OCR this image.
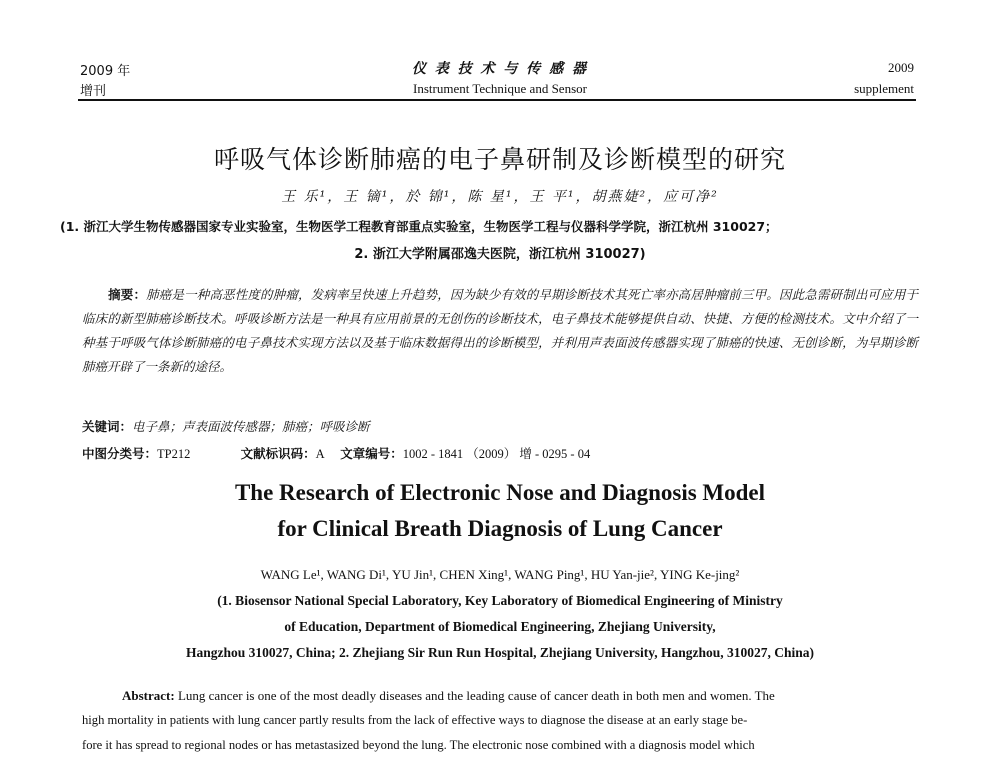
2009 年
增刊
仪 表 技 术 与 传 感 器
Instrument Technique and Sensor
2009
supplement
呼吸气体诊断肺癌的电子鼻研制及诊断模型的研究
王 乐¹，王 镝¹，於 锦¹，陈 星¹，王 平¹，胡燕婕²，应可净²
(1. 浙江大学生物传感器国家专业实验室，生物医学工程教育部重点实验室，生物医学工程与仪器科学学院，浙江杭州 310027；
2. 浙江大学附属邵逸夫医院，浙江杭州 310027)
摘要：肺癌是一种高恶性度的肿瘤，发病率呈快速上升趋势，因为缺少有效的早期诊断技术其死亡率亦高居肿瘤前三甲。因此急需研制出可应用于临床的新型肺癌诊断技术。呼吸诊断方法是一种具有应用前景的无创伤的诊断技术，电子鼻技术能够提供自动、快捷、方便的检测技术。文中介绍了一种基于呼吸气体诊断肺癌的电子鼻技术实现方法以及基于临床数据得出的诊断模型，并利用声表面波传感器实现了肺癌的快速、无创诊断，为早期诊断肺癌开辟了一条新的途径。
关键词：电子鼻；声表面波传感器；肺癌；呼吸诊断
中图分类号：TP212	文献标识码：A 文章编号：1002 - 1841 （2009） 增 - 0295 - 04
The Research of Electronic Nose and Diagnosis Model
for Clinical Breath Diagnosis of Lung Cancer
WANG Le¹, WANG Di¹, YU Jin¹, CHEN Xing¹, WANG Ping¹, HU Yan-jie², YING Ke-jing²
(1. Biosensor National Special Laboratory, Key Laboratory of Biomedical Engineering of Ministry
of Education, Department of Biomedical Engineering, Zhejiang University,
Hangzhou 310027, China; 2. Zhejiang Sir Run Run Hospital, Zhejiang University, Hangzhou, 310027, China)
Abstract: Lung cancer is one of the most deadly diseases and the leading cause of cancer death in both men and women. The
high mortality in patients with lung cancer partly results from the lack of effective ways to diagnose the disease at an early stage be-
fore it has spread to regional nodes or has metastasized beyond the lung. The electronic nose combined with a diagnosis model which
